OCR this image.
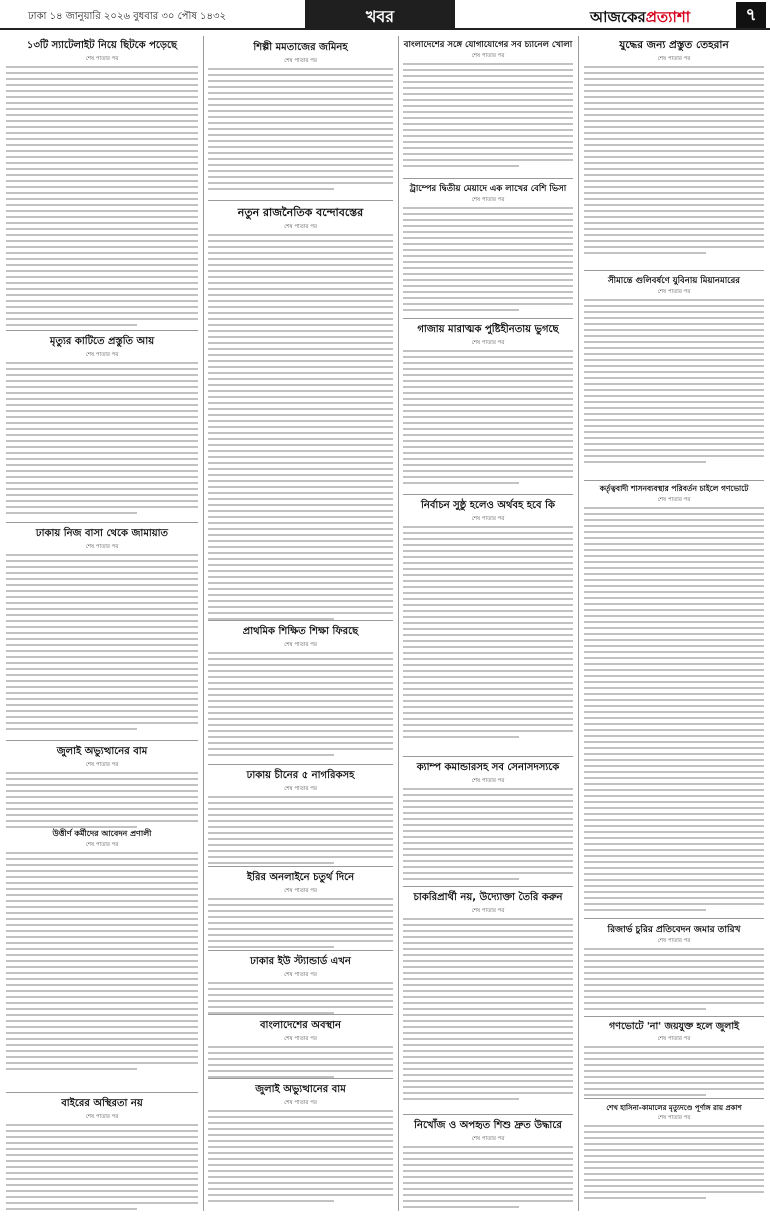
ঢাকা ১৪ জানুয়ারি ২০২৬ বুধবার ৩০ পৌষ ১৪৩২	খবর	আজকেরপ্রত্যাশা	৭
১৩টি স্যাটেলাইট নিয়ে ছিটকে পড়েছে
শেষ পাতার পর
মৃত্যুর কাটিতে প্রস্তুতি আয়
শেষ পাতার পর
ঢাকায় নিজ বাসা থেকে জামায়াত
শেষ পাতার পর
জুলাই অভ্যুত্থানের বাম
শেষ পাতার পর
উত্তীর্ণ কর্মীদের আবেদন প্রণালী
শেষ পাতার পর
বাইরের অস্থিরতা নয়
শেষ পাতার পর
শিল্পী মমতাজের জমিনহ
শেষ পাতার পর
নতুন রাজনৈতিক বন্দোবস্তের
শেষ পাতার পর
প্রাথমিক শিক্ষিত শিক্ষা ফিরছে
শেষ পাতার পর
ঢাকায় চীনের ৫ নাগরিকসহ
শেষ পাতার পর
ইরির অনলাইনে চতুর্থ দিনে
শেষ পাতার পর
ঢাকার ইউ স্ট্যান্ডার্ড এখন
শেষ পাতার পর
বাংলাদেশের অবস্থান
শেষ পাতার পর
জুলাই অভ্যুত্থানের বাম
শেষ পাতার পর
বাংলাদেশের সঙ্গে যোগাযোগের সব চ্যানেল খোলা
শেষ পাতার পর
ট্রাম্পের দ্বিতীয় মেয়াদে এক লাখের বেশি ভিসা
শেষ পাতার পর
গাজায় মারাত্মক পুষ্টিহীনতায় ভুগছে
শেষ পাতার পর
নির্বাচন সুষ্ঠু হলেও অর্থবহ হবে কি
শেষ পাতার পর
ক্যাম্প কমান্ডারসহ সব সেনাসদস্যকে
শেষ পাতার পর
চাকরিপ্রার্থী নয়, উদ্যোক্তা তৈরি করুন
শেষ পাতার পর
নিখোঁজ ও অপহৃত শিশু দ্রুত উদ্ধারে
শেষ পাতার পর
যুদ্ধের জন্য প্রস্তুত তেহরান
শেষ পাতার পর
সীমান্তে গুলিবর্ষণে যুবিনায় মিয়ানমারের
শেষ পাতার পর
কর্তৃত্ববাদী শাসনব্যবস্থার পরিবর্তন চাইলে গণভোটে
শেষ পাতার পর
রিজার্ভ চুরির প্রতিবেদন জমার তারিখ
শেষ পাতার পর
গণভোটে 'না' জয়যুক্ত হলে জুলাই
শেষ পাতার পর
শেখ হাসিনা-কামালের মৃত্যুদণ্ডে পূর্ণাঙ্গ রায় প্রকাশ
শেষ পাতার পর
